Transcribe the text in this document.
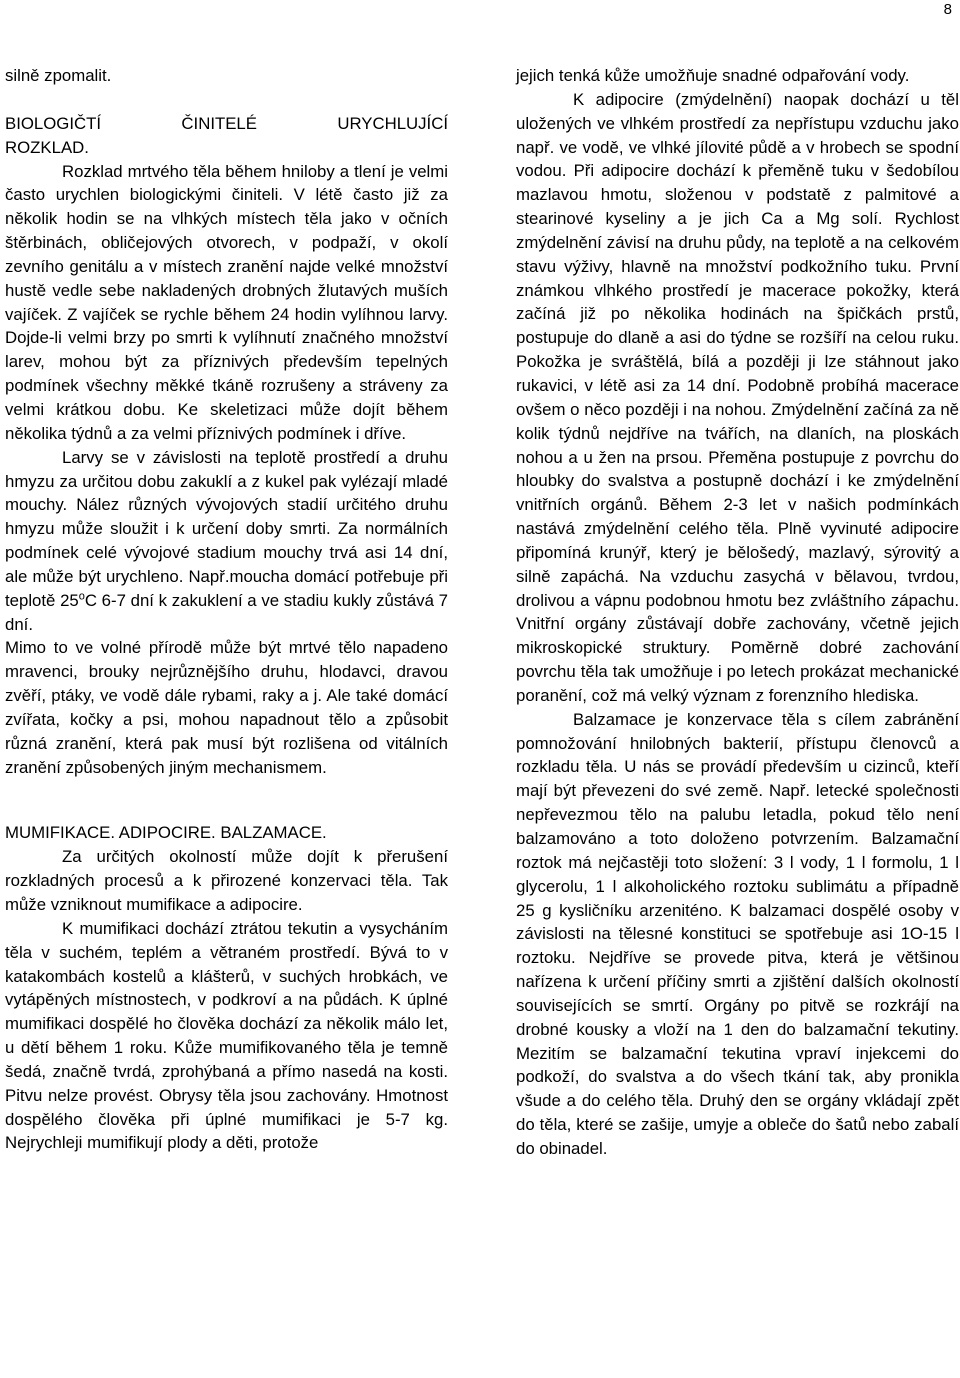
8

silně zpomalit.

BIOLOGIČTÍ ČINITELÉ URYCHLUJÍCÍ

ROZKLAD.

Rozklad mrtvého těla během hniloby a tlení je velmi často urychlen biologickými činiteli. V létě často již za několik hodin se na vlhkých místech těla jako v očních štěrbinách, obličejových otvorech, v podpaží, v okolí zevního genitálu a v místech zranění najde velké množství hustě vedle sebe nakladených drobných žlutavých muších vajíček. Z vajíček se rychle během 24 hodin vylíhnou larvy. Dojde-li velmi brzy po smrti k vylíhnutí značného množství larev, mohou být za příznivých především tepelných podmínek všechny měkké tkáně rozrušeny a stráveny za velmi krátkou dobu. Ke skeletizaci může dojít během několika týdnů a za velmi příznivých podmínek i dříve.

Larvy se v závislosti na teplotě prostředí a druhu hmyzu za určitou dobu zakuklí a z kukel pak vylézají mladé mouchy. Nález různých vývojových stadií určitého druhu hmyzu může sloužit i k určení doby smrti. Za normálních podmínek celé vývojové stadium mouchy trvá asi 14 dní, ale může být urychleno. Např.moucha domácí potřebuje při teplotě 25$^o$C 6-7 dní k zakuklení a ve stadiu kukly zůstává 7 dní.

Mimo to ve volné přírodě může být mrtvé tělo napadeno mravenci, brouky nejrůznějšího druhu, hlodavci, dravou zvěří, ptáky, ve vodě dále rybami, raky a j. Ale také domácí zvířata, kočky a psi, mohou napadnout tělo a způsobit různá zranění, která pak musí být rozlišena od vitálních zranění způsobených jiným mechanismem.

MUMIFIKACE. ADIPOCIRE. BALZAMACE.

Za určitých okolností může dojít k přerušení rozkladných procesů a k přirozené konzervaci těla. Tak může vzniknout mumifikace a adipocire.

K mumifikaci dochází ztrátou tekutin a vysycháním těla v suchém, teplém a větraném prostředí. Bývá to v katakombách kostelů a klášterů, v suchých hrobkách, ve vytápěných místnostech, v podkroví a na půdách. K úplné mumifikaci dospělé ho člověka dochází za několik málo let, u dětí během 1 roku. Kůže mumifikovaného těla je temně šedá, značně tvrdá, zprohýbaná a přímo nasedá na kosti. Pitvu nelze provést. Obrysy těla jsou zachovány. Hmotnost dospělého člověka při úplné mumifikaci je 5-7 kg. Nejrychleji mumifikují plody a děti, protože

jejich tenká kůže umožňuje snadné odpařování vody.

K adipocire (zmýdelnění) naopak dochází u těl uložených ve vlhkém prostředí za nepřístupu vzduchu jako např. ve vodě, ve vlhké jílovité půdě a v hrobech se spodní vodou. Při adipocire dochází k přeměně tuku v šedobílou mazlavou hmotu, složenou v podstatě z palmitové a stearinové kyseliny a je jich Ca a Mg solí. Rychlost zmýdelnění závisí na druhu půdy, na teplotě a na celkovém stavu výživy, hlavně na množství podkožního tuku. První známkou vlhkého prostředí je macerace pokožky, která začíná již po několika hodinách na špičkách prstů, postupuje do dlaně a asi do týdne se rozšíří na celou ruku. Pokožka je svráštělá, bílá a později ji lze stáhnout jako rukavici, v létě asi za 14 dní. Podobně probíhá macerace ovšem o něco později i na nohou. Zmýdelnění začíná za ně kolik týdnů nejdříve na tvářích, na dlaních, na ploskách nohou a u žen na prsou. Přeměna postupuje z povrchu do hloubky do svalstva a postupně dochází i ke zmýdelnění vnitřních orgánů. Během 2-3 let v našich podmínkách nastává zmýdelnění celého těla. Plně vyvinuté adipocire připomíná krunýř, který je bělošedý, mazlavý, sýrovitý a silně zapáchá. Na vzduchu zasychá v bělavou, tvrdou, drolivou a vápnu podobnou hmotu bez zvláštního zápachu. Vnitřní orgány zůstávají dobře zachovány, včetně jejich mikroskopické struktury. Poměrně dobré zachování povrchu těla tak umožňuje i po letech prokázat mechanické poranění, což má velký význam z forenzního hlediska.

Balzamace je konzervace těla s cílem zabránění pomnožování hnilobných bakterií, přístupu členovců a rozkladu těla. U nás se provádí především u cizinců, kteří mají být převezeni do své země. Např. letecké společnosti nepřevezmou tělo na palubu letadla, pokud tělo není balzamováno a toto doloženo potvrzením. Balzamační roztok má nejčastěji toto složení: 3 l vody, 1 l formolu, 1 l glycerolu, 1 l alkoholického roztoku sublimátu a případně 25 g kysličníku arzeniténo. K balzamaci dospělé osoby v závislosti na tělesné konstituci se spotřebuje asi 1O-15 l roztoku. Nejdříve se provede pitva, která je většinou nařízena k určení příčiny smrti a zjištění dalších okolností souvisejících se smrtí. Orgány po pitvě se rozkrájí na drobné kousky a vloží na 1 den do balzamační tekutiny. Mezitím se balzamační tekutina vpraví injekcemi do podkoží, do svalstva a do všech tkání tak, aby pronikla všude a do celého těla. Druhý den se orgány vkládají zpět do těla, které se zašije, umyje a obleče do šatů nebo zabalí do obinadel.
